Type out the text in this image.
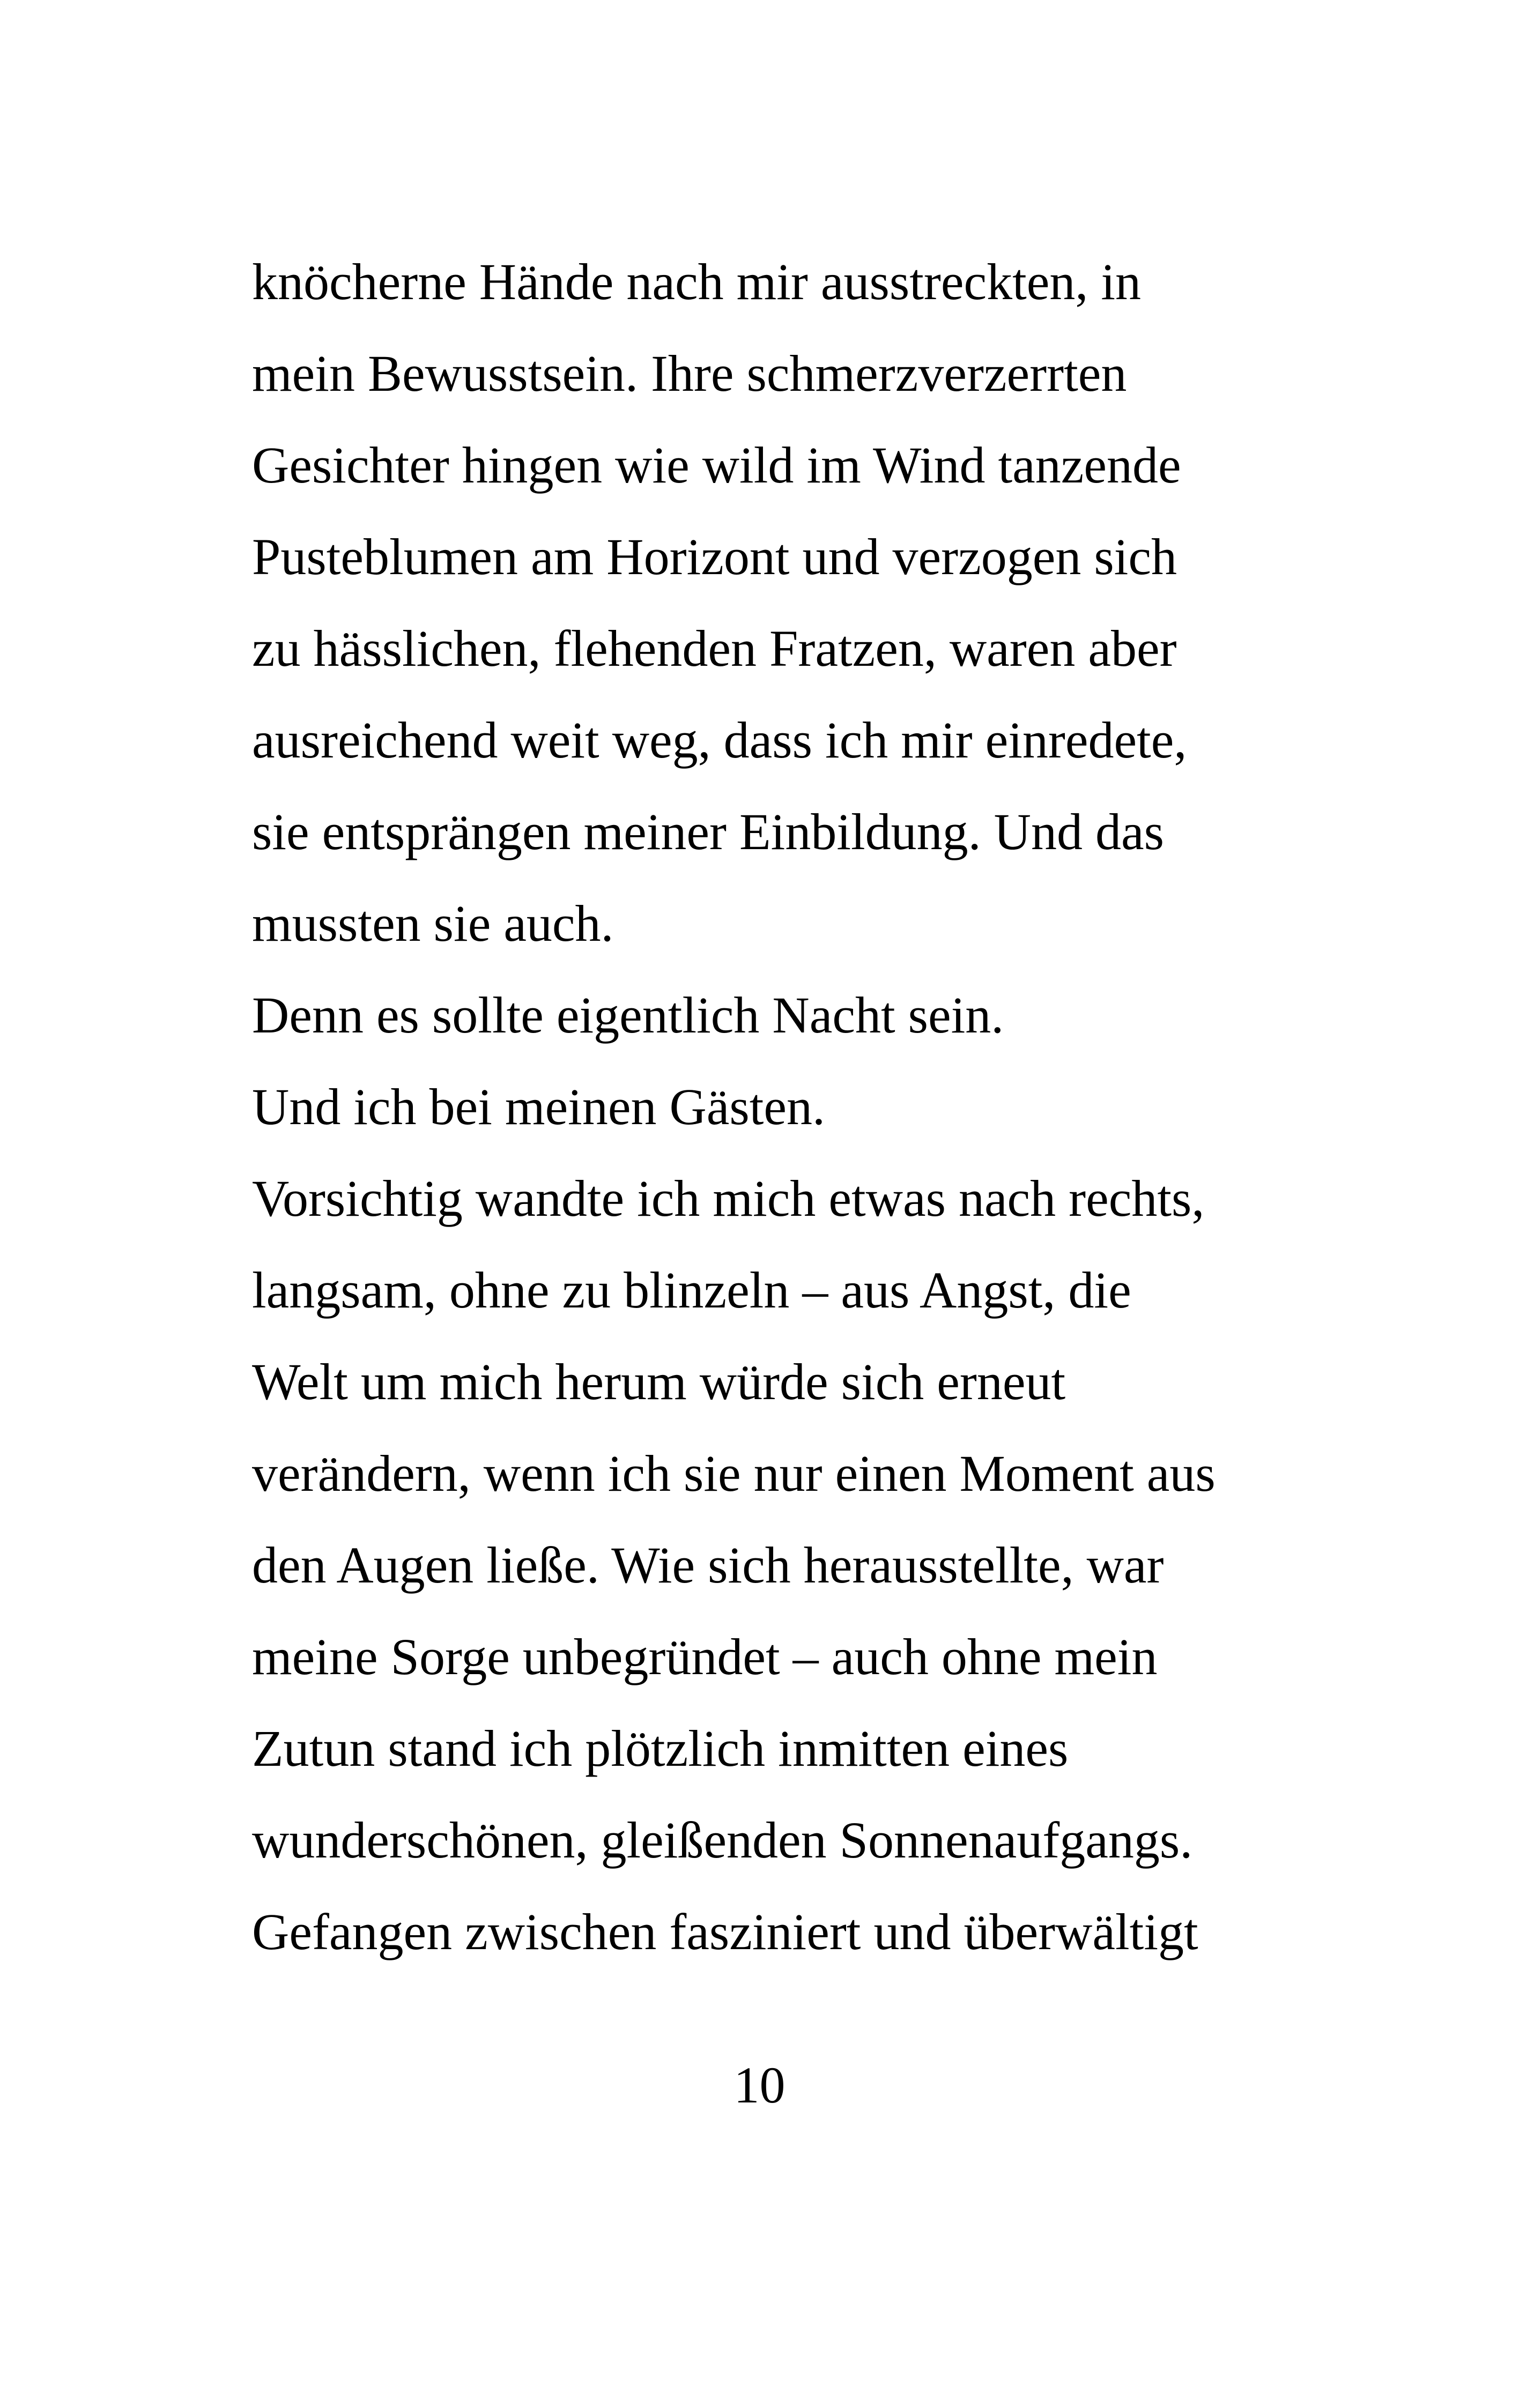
knöcherne Hände nach mir ausstreckten, in
mein Bewusstsein. Ihre schmerzverzerrten
Gesichter hingen wie wild im Wind tanzende
Pusteblumen am Horizont und verzogen sich
zu hässlichen, flehenden Fratzen, waren aber
ausreichend weit weg, dass ich mir einredete,
sie entsprängen meiner Einbildung. Und das
mussten sie auch.
Denn es sollte eigentlich Nacht sein.
Und ich bei meinen Gästen.
Vorsichtig wandte ich mich etwas nach rechts,
langsam, ohne zu blinzeln – aus Angst, die
Welt um mich herum würde sich erneut
verändern, wenn ich sie nur einen Moment aus
den Augen ließe. Wie sich herausstellte, war
meine Sorge unbegründet – auch ohne mein
Zutun stand ich plötzlich inmitten eines
wunderschönen, gleißenden Sonnenaufgangs.
Gefangen zwischen fasziniert und überwältigt
10
